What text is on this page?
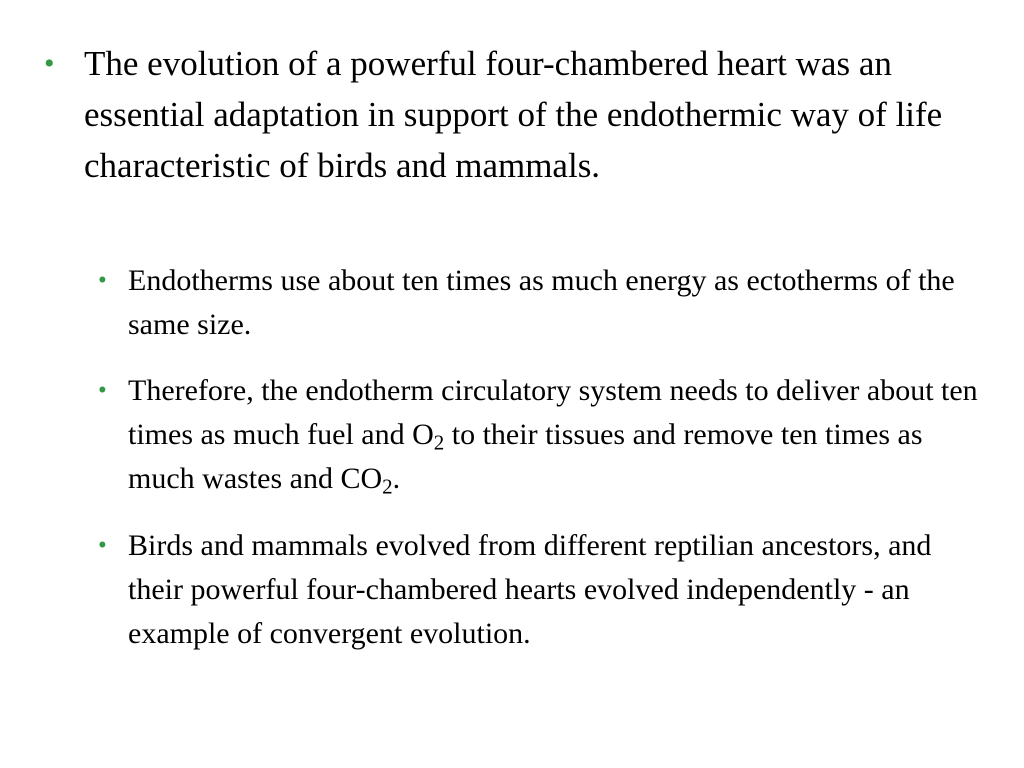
• The evolution of a powerful four-chambered heart was an essential adaptation in support of the endothermic way of life characteristic of birds and mammals.
• Endotherms use about ten times as much energy as ectotherms of the same size.
• Therefore, the endotherm circulatory system needs to deliver about ten times as much fuel and $O_2$ to their tissues and remove ten times as much wastes and $CO_2$.
• Birds and mammals evolved from different reptilian ancestors, and their powerful four-chambered hearts evolved independently - an example of convergent evolution.
